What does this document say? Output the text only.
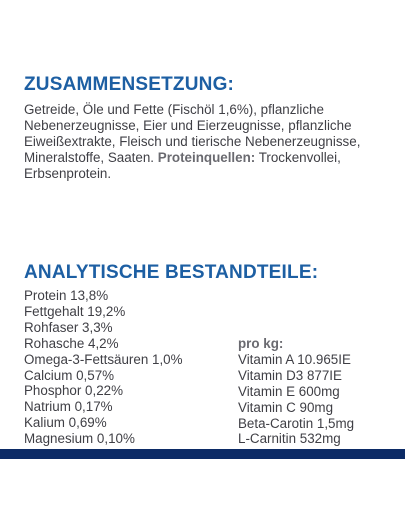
ZUSAMMENSETZUNG:

Getreide, Öle und Fette (Fischöl 1,6%), pflanzliche Nebenerzeugnisse, Eier und Eierzeugnisse, pflanzliche Eiweißextrakte, Fleisch und tierische Nebenerzeugnisse, Mineralstoffe, Saaten. Proteinquellen: Trockenvollei, Erbsenprotein.

ANALYTISCHE BESTANDTEILE:
Protein 13,8%
Fettgehalt 19,2%
Rohfaser 3,3%
Rohasche 4,2%
Omega-3-Fettsäuren 1,0%
Calcium 0,57%
Phosphor 0,22%
Natrium 0,17%
Kalium 0,69%
Magnesium 0,10%
pro kg:
Vitamin A 10.965IE
Vitamin D3 877IE
Vitamin E 600mg
Vitamin C 90mg
Beta-Carotin 1,5mg
L-Carnitin 532mg
